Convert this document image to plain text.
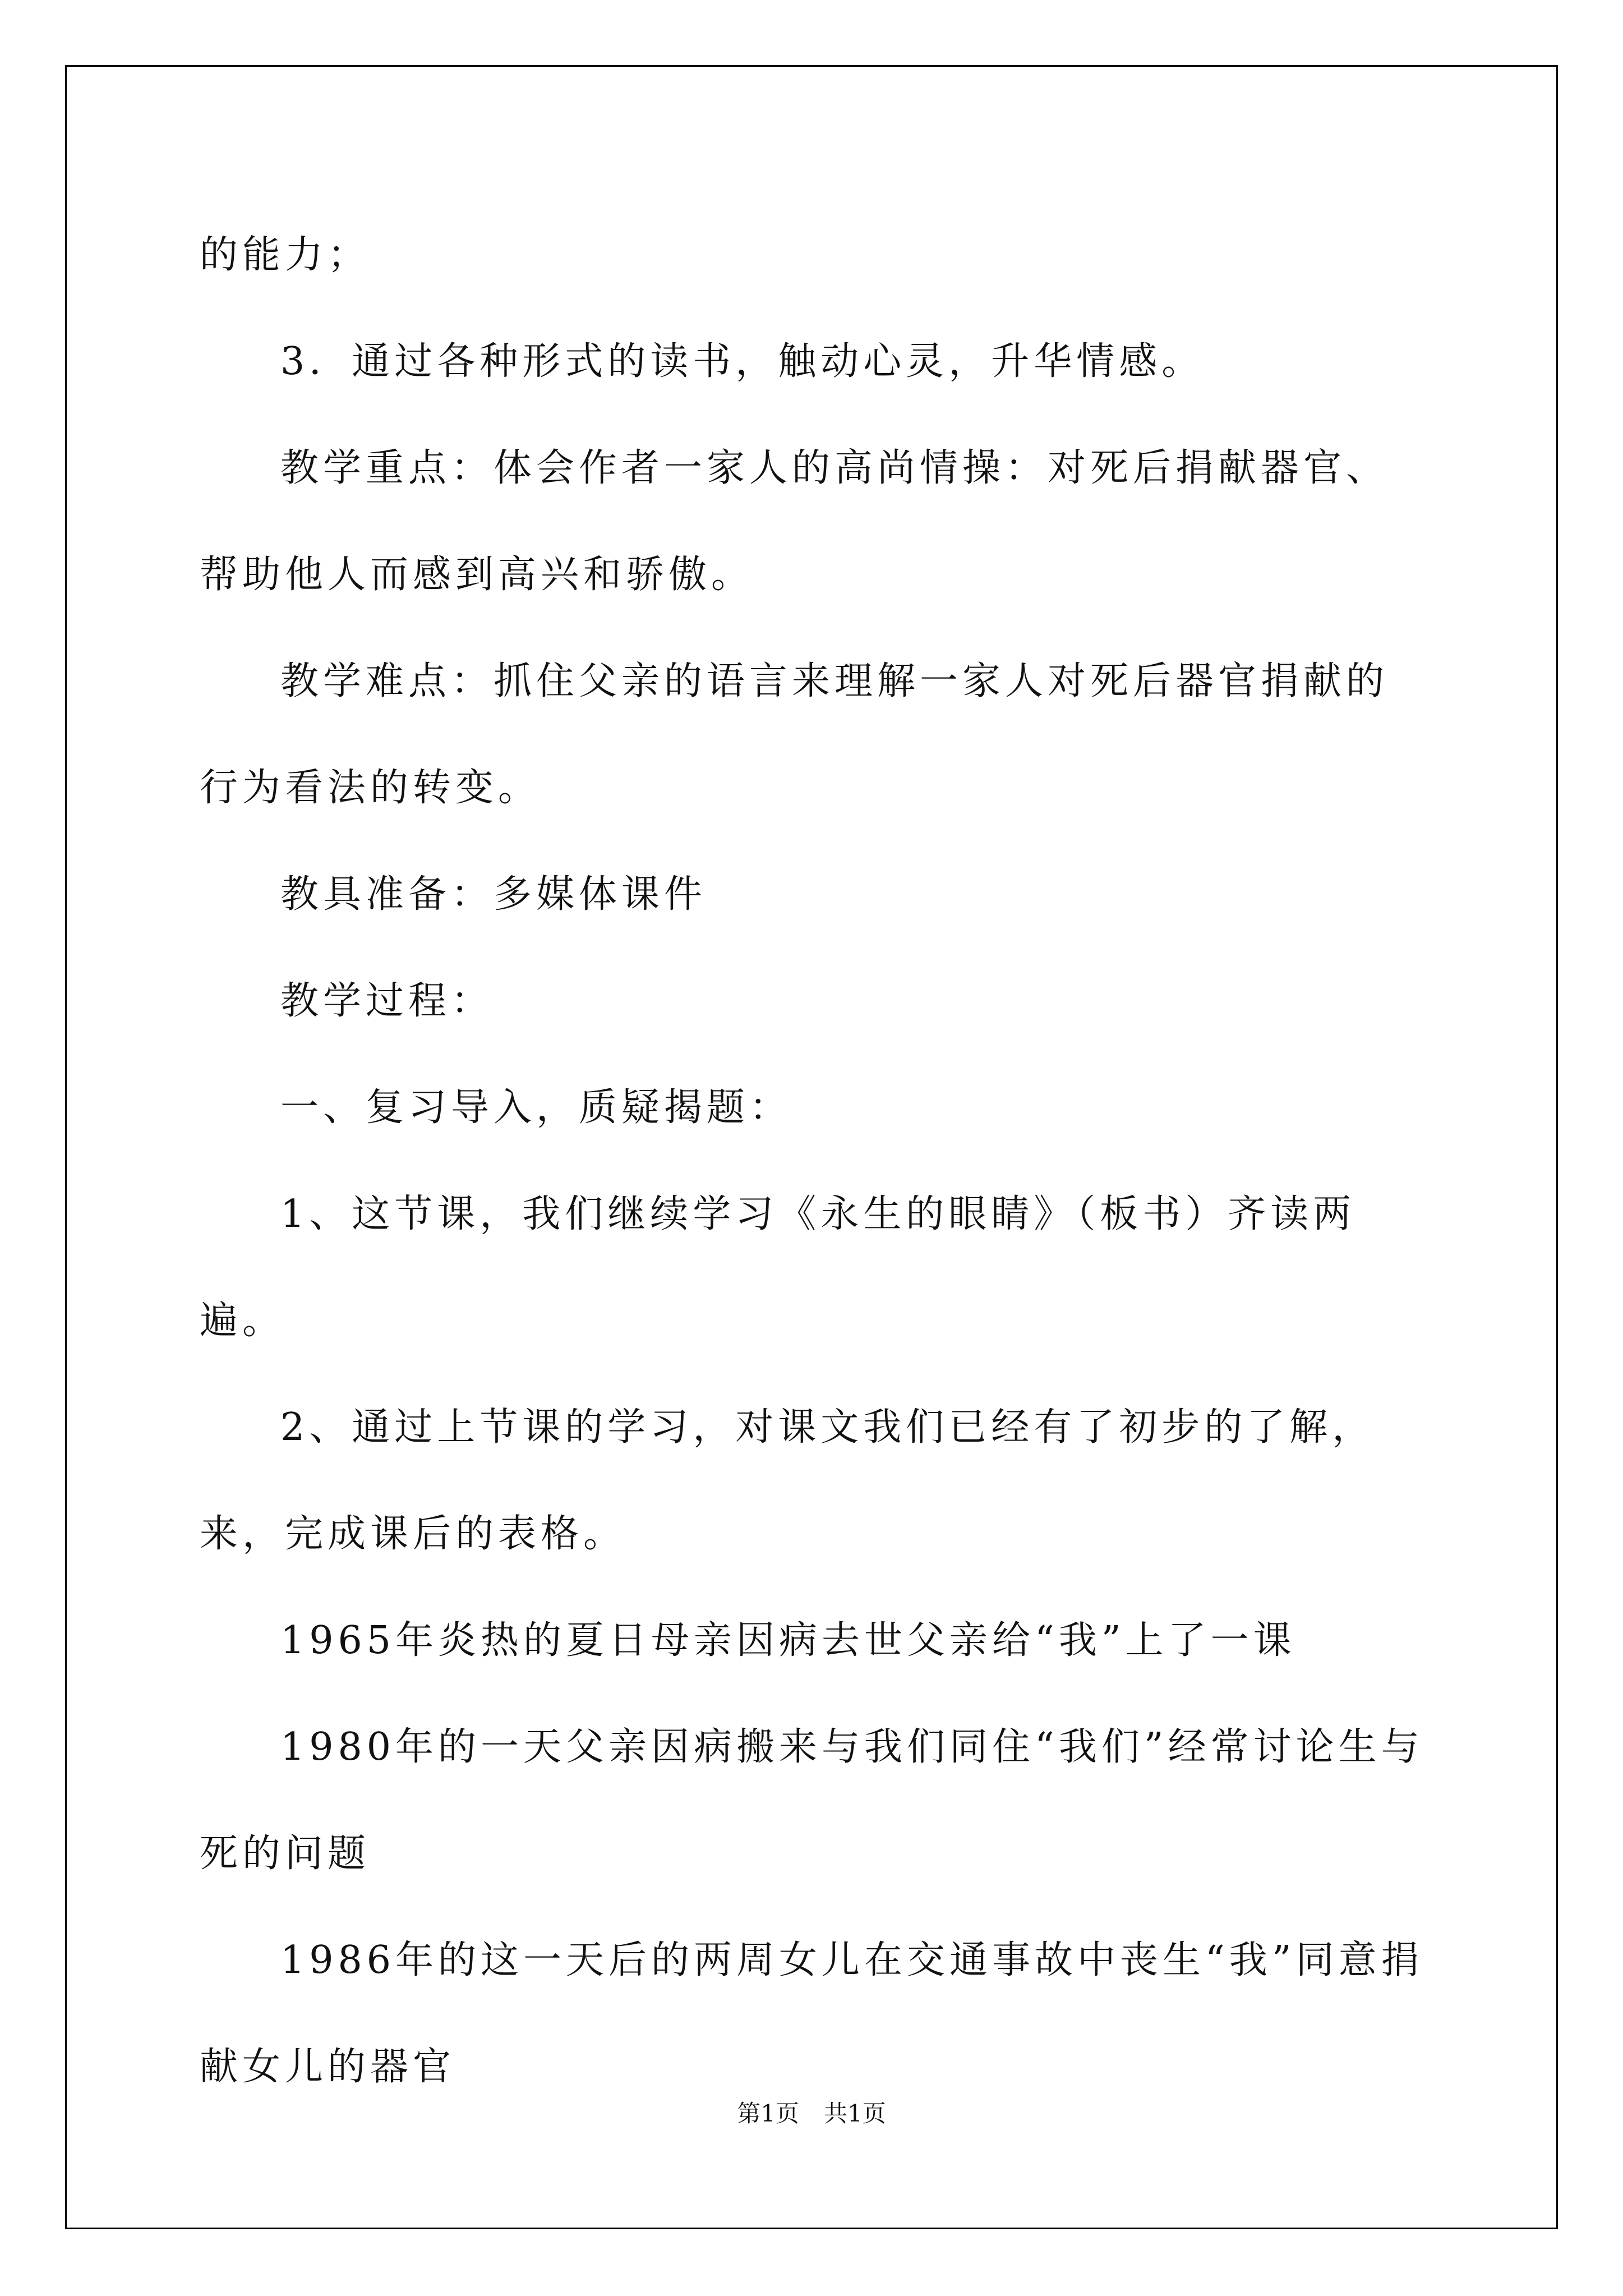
的能力；

3．通过各种形式的读书，触动心灵，升华情感。

教学重点：体会作者一家人的高尚情操：对死后捐献器官、帮助他人而感到高兴和骄傲。

教学难点：抓住父亲的语言来理解一家人对死后器官捐献的行为看法的转变。

教具准备：多媒体课件

教学过程：

一、复习导入，质疑揭题：

1、这节课，我们继续学习《永生的眼睛》（板书）齐读两遍。

2、通过上节课的学习，对课文我们已经有了初步的了解，来，完成课后的表格。

1965年炎热的夏日母亲因病去世父亲给“我”上了一课

1980年的一天父亲因病搬来与我们同住“我们”经常讨论生与死的问题

1986年的这一天后的两周女儿在交通事故中丧生“我”同意捐献女儿的器官

第1页 共1页
